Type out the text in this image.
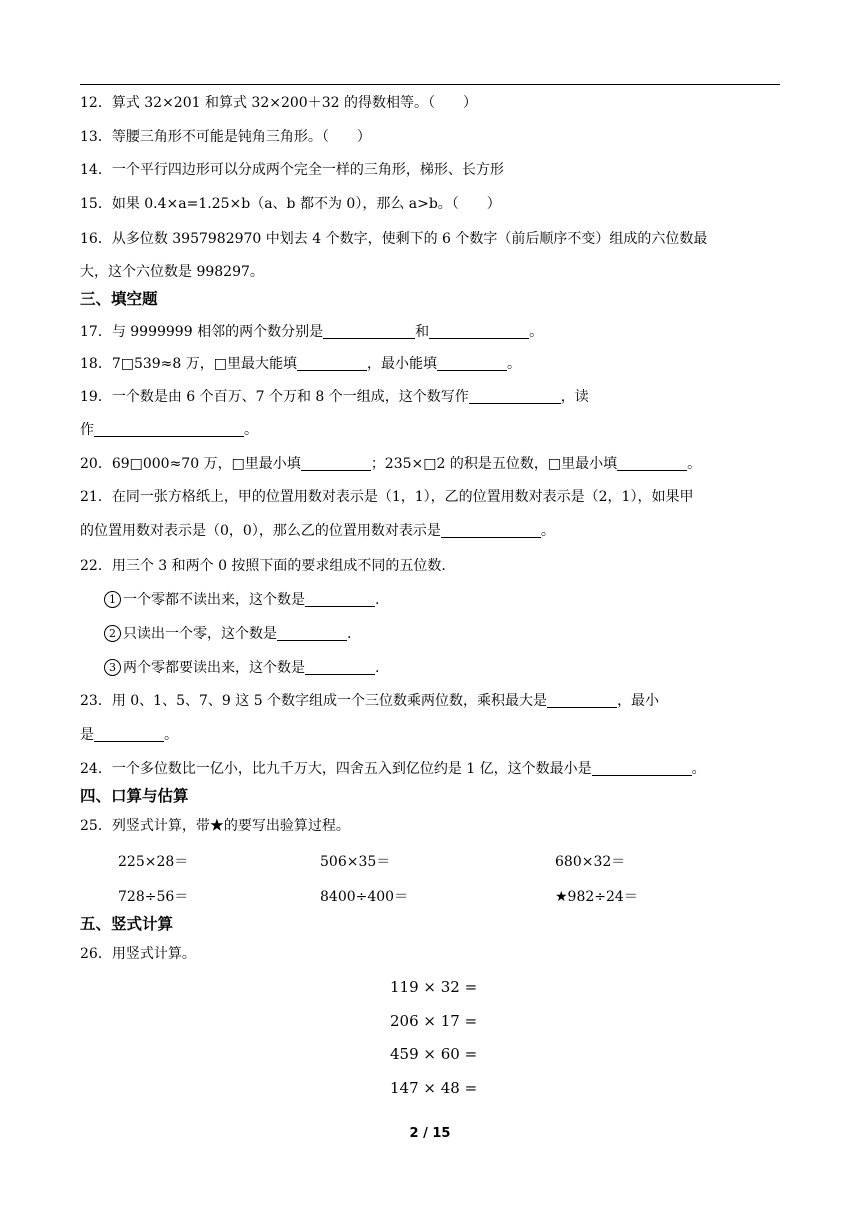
12．算式 32×201 和算式 32×200＋32 的得数相等。（　　）
13．等腰三角形不可能是钝角三角形。（　　）
14．一个平行四边形可以分成两个完全一样的三角形，梯形、长方形
15．如果 0.4×a=1.25×b（a、b 都不为 0），那么 a>b。（　　）
16．从多位数 3957982970 中划去 4 个数字，使剩下的 6 个数字（前后顺序不变）组成的六位数最
大，这个六位数是 998297。
三、填空题
17．与 9999999 相邻的两个数分别是	和	。
18．7□539≈8 万，□里最大能填	，最小能填	。
19．一个数是由 6 个百万、7 个万和 8 个一组成，这个数写作	，读
作	。
20．69□000≈70 万，□里最小填	；235×□2 的积是五位数，□里最小填	。
21．在同一张方格纸上，甲的位置用数对表示是（1，1），乙的位置用数对表示是（2，1），如果甲
的位置用数对表示是（0，0），那么乙的位置用数对表示是	。
22．用三个 3 和两个 0 按照下面的要求组成不同的五位数.
1 一个零都不读出来，这个数是	.
2 只读出一个零，这个数是	.
3 两个零都要读出来，这个数是	.
23．用 0、1、5、7、9 这 5 个数字组成一个三位数乘两位数，乘积最大是	，最小
是	。
24．一个多位数比一亿小，比九千万大，四舍五入到亿位约是 1 亿，这个数最小是	。
四、口算与估算
25．列竖式计算，带★的要写出验算过程。
225×28＝	506×35＝	680×32＝
728÷56＝	8400÷400＝	★982÷24＝
五、竖式计算
26．用竖式计算。
119 × 32 =
206 × 17 =
459 × 60 =
147 × 48 =
2 / 15
